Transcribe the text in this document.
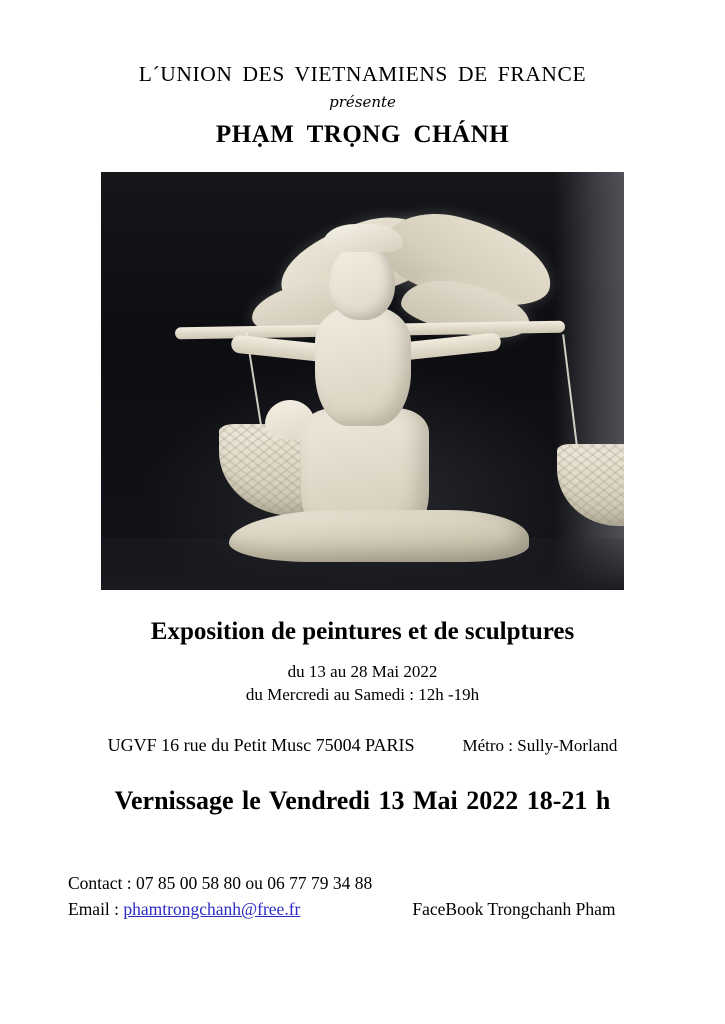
L´UNION DES VIETNAMIENS DE FRANCE
présente
PHẠM TRỌNG CHÁNH
Exposition de peintures et de sculptures
du 13 au 28 Mai 2022
du Mercredi au Samedi : 12h -19h
UGVF 16 rue du Petit Musc 75004 PARIS	Métro : Sully-Morland
Vernissage le Vendredi 13 Mai 2022 18-21 h
Contact : 07 85 00 58 80 ou 06 77 79 34 88
Email : phamtrongchanh@free.fr	FaceBook Trongchanh Pham
